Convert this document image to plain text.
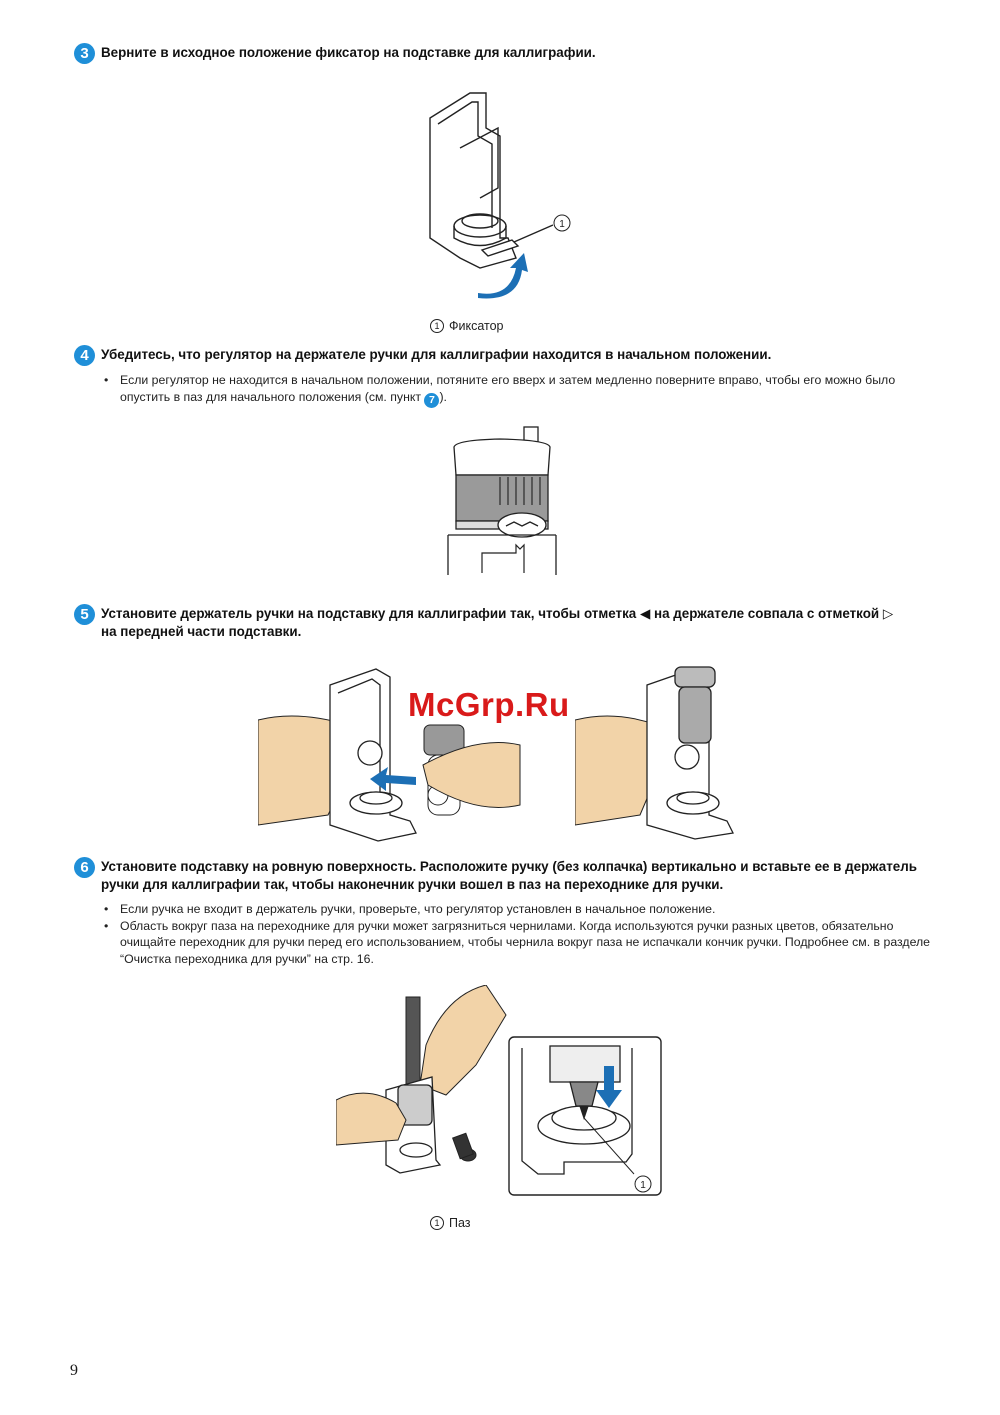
3 Верните в исходное положение фиксатор на подставке для каллиграфии.
1
1 Фиксатор
4 Убедитесь, что регулятор на держателе ручки для каллиграфии находится в начальном положении.
• Если регулятор не находится в начальном положении, потяните его вверх и затем медленно поверните вправо, чтобы его можно было опустить в паз для начального положения (см. пункт 7 ).
5 Установите держатель ручки на подставку для каллиграфии так, чтобы отметка ◀ на держателе совпала с отметкой ▷
на передней части подставки.
McGrp.Ru
6 Установите подставку на ровную поверхность. Расположите ручку (без колпачка) вертикально и вставьте ее в держатель
ручки для каллиграфии так, чтобы наконечник ручки вошел в паз на переходнике для ручки.
• Если ручка не входит в держатель ручки, проверьте, что регулятор установлен в начальное положение.
• Область вокруг паза на переходнике для ручки может загрязниться чернилами. Когда используются ручки разных цветов, обязательно очищайте переходник для ручки перед его использованием, чтобы чернила вокруг паза не испачкали кончик ручки. Подробнее см. в разделе “Очистка переходника для ручки” на стр. 16.
1
1 Паз
9
